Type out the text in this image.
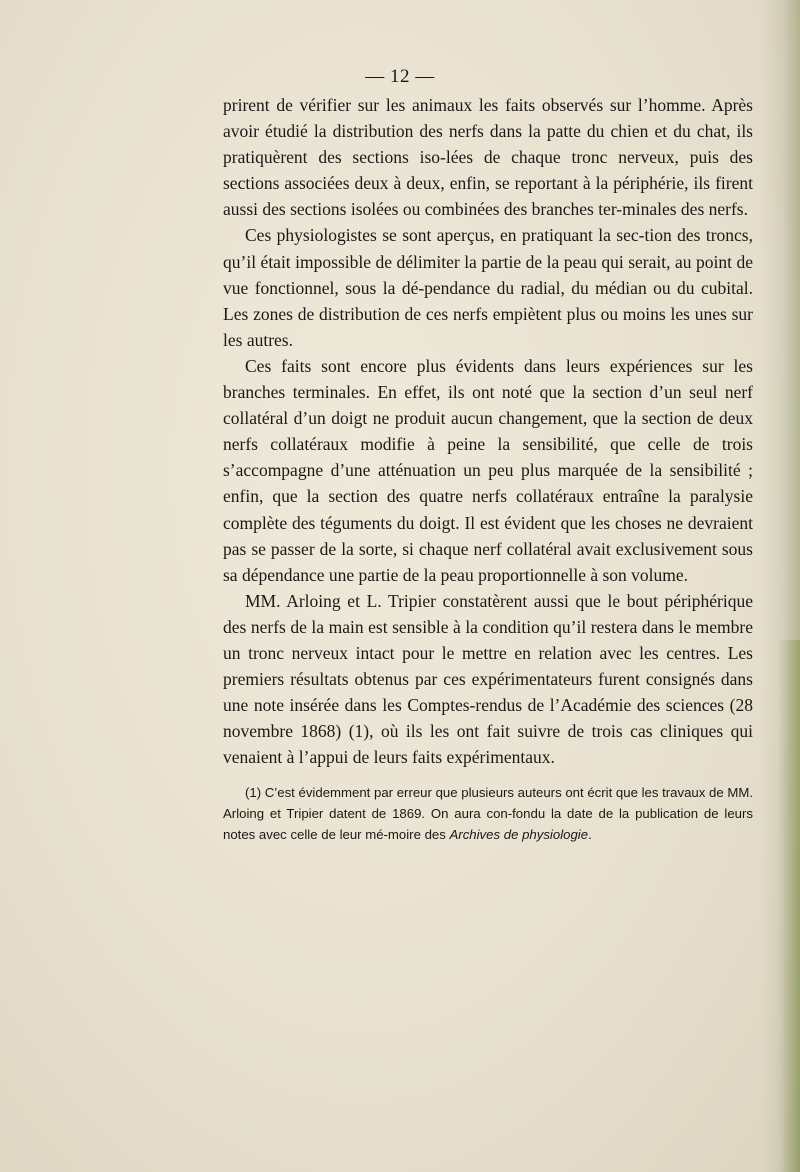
— 12 —

prirent de vérifier sur les animaux les faits observés sur l’homme. Après avoir étudié la distribution des nerfs dans la patte du chien et du chat, ils pratiquèrent des sections iso-lées de chaque tronc nerveux, puis des sections associées deux à deux, enfin, se reportant à la périphérie, ils firent aussi des sections isolées ou combinées des branches ter-minales des nerfs.

Ces physiologistes se sont aperçus, en pratiquant la sec-tion des troncs, qu’il était impossible de délimiter la partie de la peau qui serait, au point de vue fonctionnel, sous la dé-pendance du radial, du médian ou du cubital. Les zones de distribution de ces nerfs empiètent plus ou moins les unes sur les autres.

Ces faits sont encore plus évidents dans leurs expériences sur les branches terminales. En effet, ils ont noté que la section d’un seul nerf collatéral d’un doigt ne produit aucun changement, que la section de deux nerfs collatéraux modifie à peine la sensibilité, que celle de trois s’accompagne d’une atténuation un peu plus marquée de la sensibilité ; enfin, que la section des quatre nerfs collatéraux entraîne la paralysie complète des téguments du doigt. Il est évident que les choses ne devraient pas se passer de la sorte, si chaque nerf collatéral avait exclusivement sous sa dépendance une partie de la peau proportionnelle à son volume.

MM. Arloing et L. Tripier constatèrent aussi que le bout périphérique des nerfs de la main est sensible à la condition qu’il restera dans le membre un tronc nerveux intact pour le mettre en relation avec les centres. Les premiers résultats obtenus par ces expérimentateurs furent consignés dans une note insérée dans les Comptes-rendus de l’Académie des sciences (28 novembre 1868) (1), où ils les ont fait suivre de trois cas cliniques qui venaient à l’appui de leurs faits expérimentaux.

(1) C’est évidemment par erreur que plusieurs auteurs ont écrit que les travaux de MM. Arloing et Tripier datent de 1869. On aura con-fondu la date de la publication de leurs notes avec celle de leur mé-moire des Archives de physiologie.
